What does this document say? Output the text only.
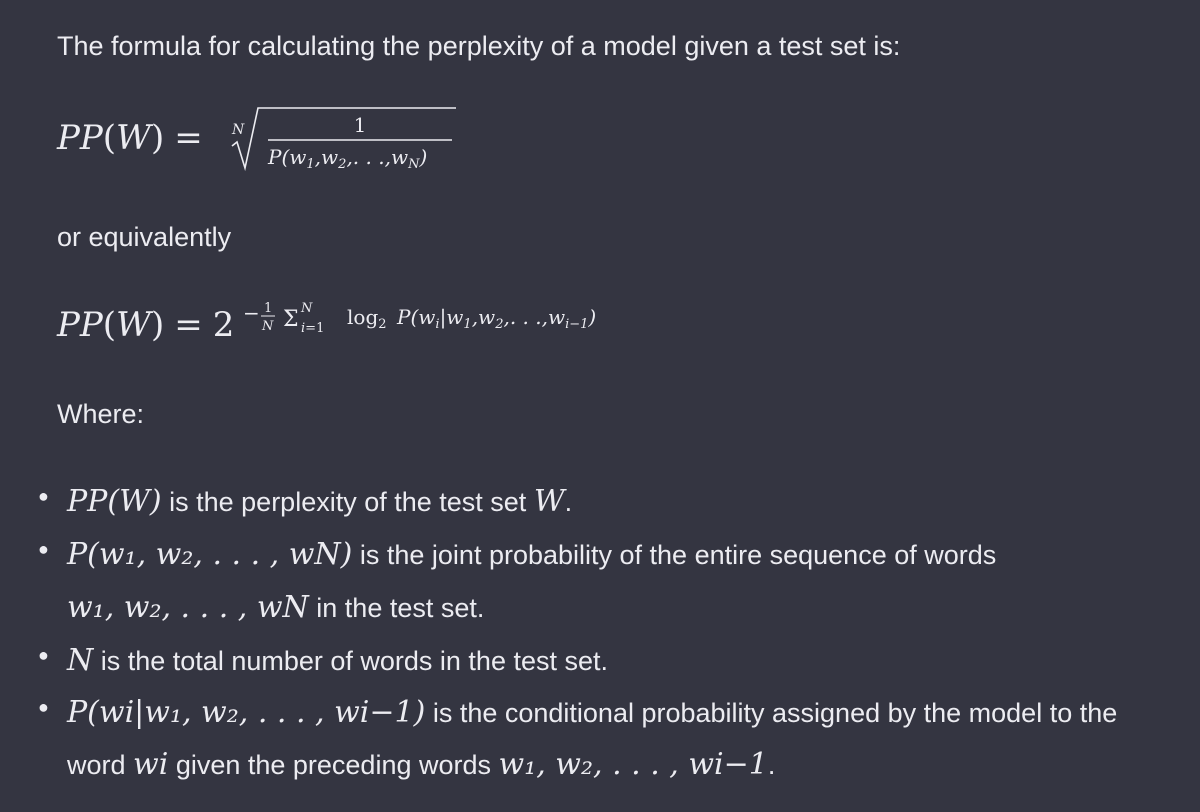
The formula for calculating the perplexity of a model given a test set is:
PP(W) =	N	1
$P(w_1,w_2$,. . $.,w_N$)
or equivalently
PP(W) = 2 − 1
N Σ N
i=1 $\log_2 P(w_i|w_1,w_2$,. . $.,w_{i-1}$)
Where:
● PP(W) is the perplexity of the test set W.
● P(w₁, w₂, . . . , wN) is the joint probability of the entire sequence of words
w₁, w₂, . . . , wN in the test set.
● N is the total number of words in the test set.
● P(wi|w₁, w₂, . . . , wi−1) is the conditional probability assigned by the model to the
word wi given the preceding words w₁, w₂, . . . , wi−1.
